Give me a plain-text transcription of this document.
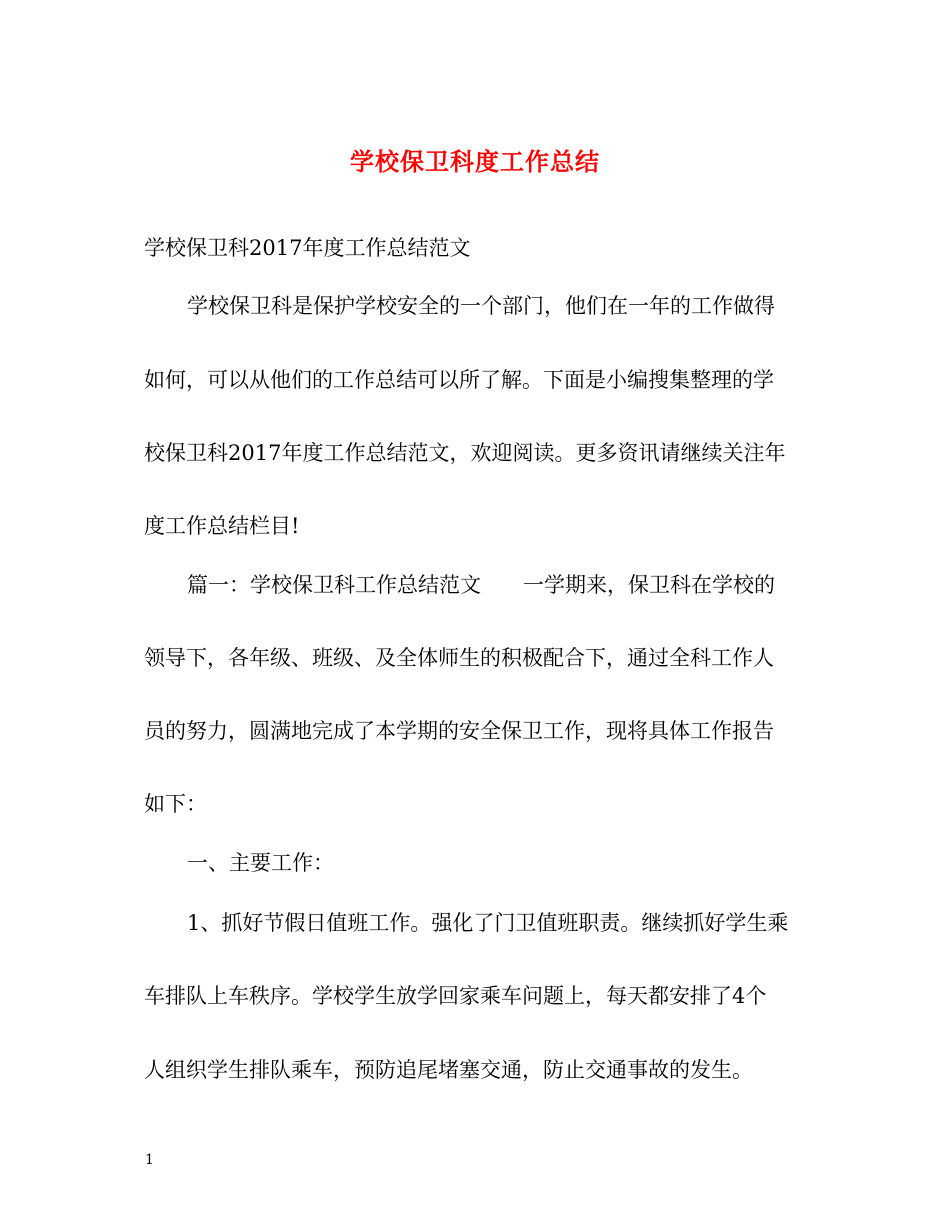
学校保卫科度工作总结
学校保卫科2017年度工作总结范文
学校保卫科是保护学校安全的一个部门，他们在一年的工作做得
如何，可以从他们的工作总结可以所了解。下面是小编搜集整理的学
校保卫科2017年度工作总结范文，欢迎阅读。更多资讯请继续关注年
度工作总结栏目!
篇一：学校保卫科工作总结范文　　一学期来，保卫科在学校的
领导下，各年级、班级、及全体师生的积极配合下，通过全科工作人
员的努力，圆满地完成了本学期的安全保卫工作，现将具体工作报告
如下：
一、主要工作：
1、抓好节假日值班工作。强化了门卫值班职责。继续抓好学生乘
车排队上车秩序。学校学生放学回家乘车问题上，每天都安排了4个
人组织学生排队乘车，预防追尾堵塞交通，防止交通事故的发生。
1
